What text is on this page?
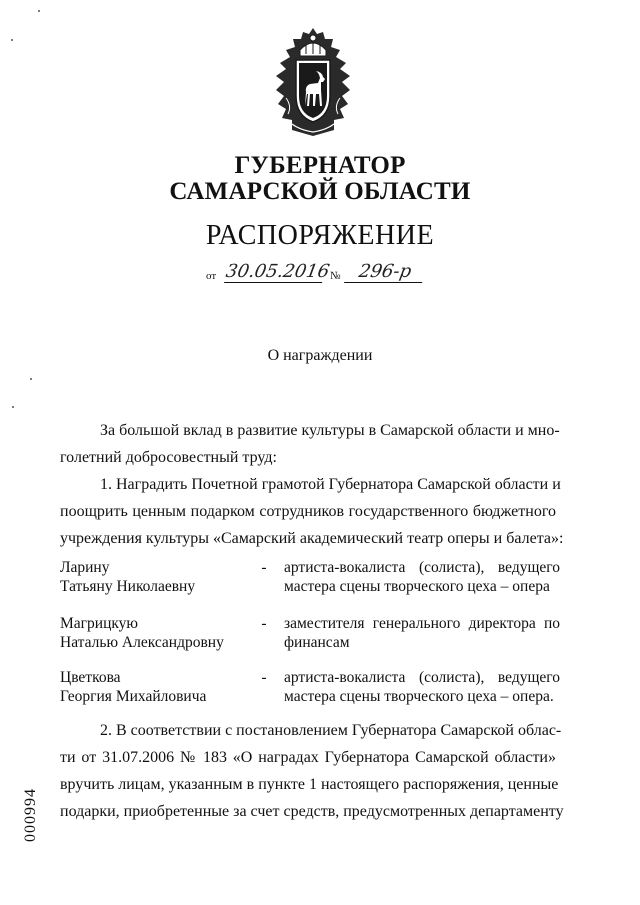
ГУБЕРНАТОР
САМАРСКОЙ ОБЛАСТИ
РАСПОРЯЖЕНИЕ
от 30.05.2016
№ 296-р
О награждении
За большой вклад в развитие культуры в Самарской области и мно-
голетний добросовестный труд:
1. Наградить Почетной грамотой Губернатора Самарской области и
поощрить ценным подарком сотрудников государственного бюджетного
учреждения культуры «Самарский академический театр оперы и балета»:
Ларину
Татьяну Николаевну
- артиста-вокалиста (солиста), ведущего
мастера сцены творческого цеха – опера
Магрицкую
Наталью Александровну
- заместителя генерального директора по
финансам
Цветкова
Георгия Михайловича
- артиста-вокалиста (солиста), ведущего
мастера сцены творческого цеха – опера.
2. В соответствии с постановлением Губернатора Самарской облас-
ти от 31.07.2006 № 183 «О наградах Губернатора Самарской области»
вручить лицам, указанным в пункте 1 настоящего распоряжения, ценные
подарки, приобретенные за счет средств, предусмотренных департаменту
000994
